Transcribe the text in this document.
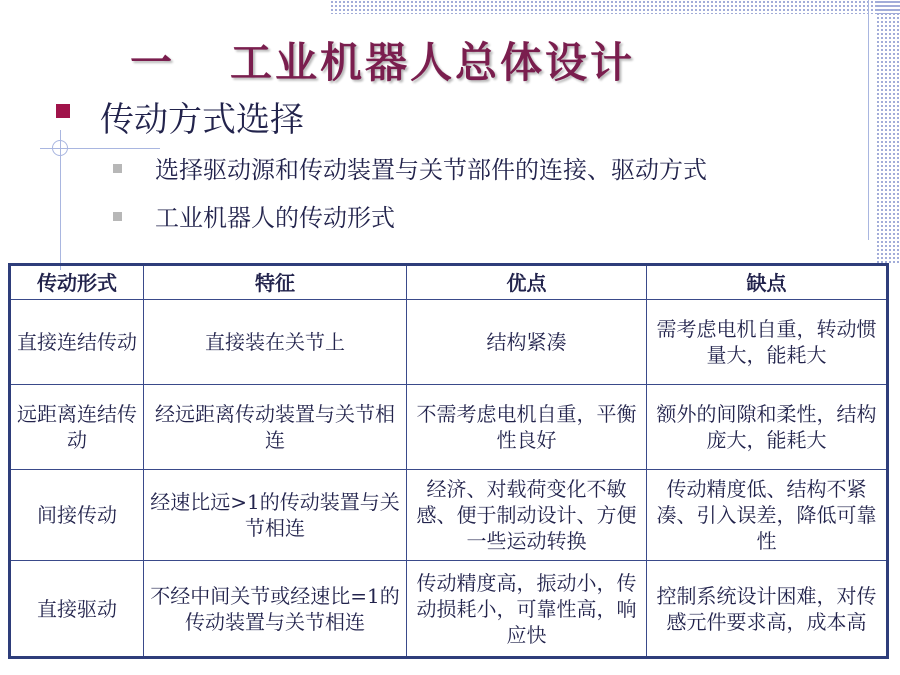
一 工业机器人总体设计
传动方式选择
选择驱动源和传动装置与关节部件的连接、驱动方式
工业机器人的传动形式
传动形式	特征	优点	缺点
直接连结传动	直接装在关节上	结构紧凑	需考虑电机自重，转动惯量大，能耗大
远距离连结传动	经远距离传动装置与关节相连	不需考虑电机自重，平衡性良好	额外的间隙和柔性，结构庞大，能耗大
间接传动	经速比远>1的传动装置与关节相连	经济、对载荷变化不敏感、便于制动设计、方便一些运动转换	传动精度低、结构不紧凑、引入误差，降低可靠性
直接驱动	不经中间关节或经速比=1的传动装置与关节相连	传动精度高，振动小，传动损耗小，可靠性高，响应快	控制系统设计困难，对传感元件要求高，成本高
